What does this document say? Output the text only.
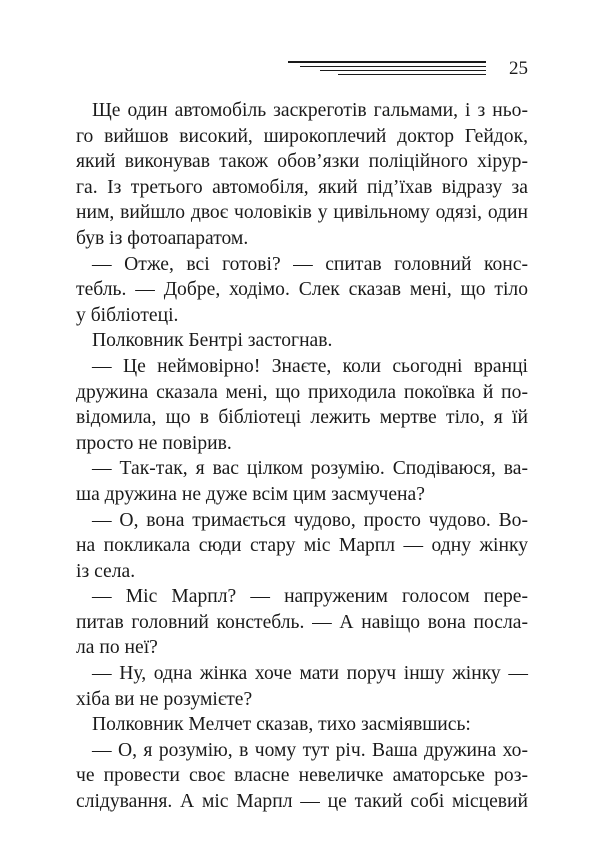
25

Ще один автомобіль заскреготів гальмами, і з ньо-
го вийшов високий, широкоплечий доктор Гейдок,
який виконував також обов’язки поліційного хірур-
га. Із третього автомобіля, який під’їхав відразу за
ним, вийшло двоє чоловіків у цивільному одязі, один
був із фотоапаратом.

— Отже, всі готові? — спитав головний конс-
тебль. — Добре, ходімо. Слек сказав мені, що тіло
у бібліотеці.

Полковник Бентрі застогнав.

— Це неймовірно! Знаєте, коли сьогодні вранці
дружина сказала мені, що приходила покоївка й по-
відомила, що в бібліотеці лежить мертве тіло, я їй
просто не повірив.

— Так-так, я вас цілком розумію. Сподіваюся, ва-
ша дружина не дуже всім цим засмучена?

— О, вона тримається чудово, просто чудово. Во-
на покликала сюди стару міс Марпл — одну жінку
із села.

— Міс Марпл? — напруженим голосом пере-
питав головний констебль. — А навіщо вона посла-
ла по неї?

— Ну, одна жінка хоче мати поруч іншу жінку —
хіба ви не розумієте?

Полковник Мелчет сказав, тихо засміявшись:

— О, я розумію, в чому тут річ. Ваша дружина хо-
че провести своє власне невеличке аматорське роз-
слідування. А міс Марпл — це такий собі місцевий
